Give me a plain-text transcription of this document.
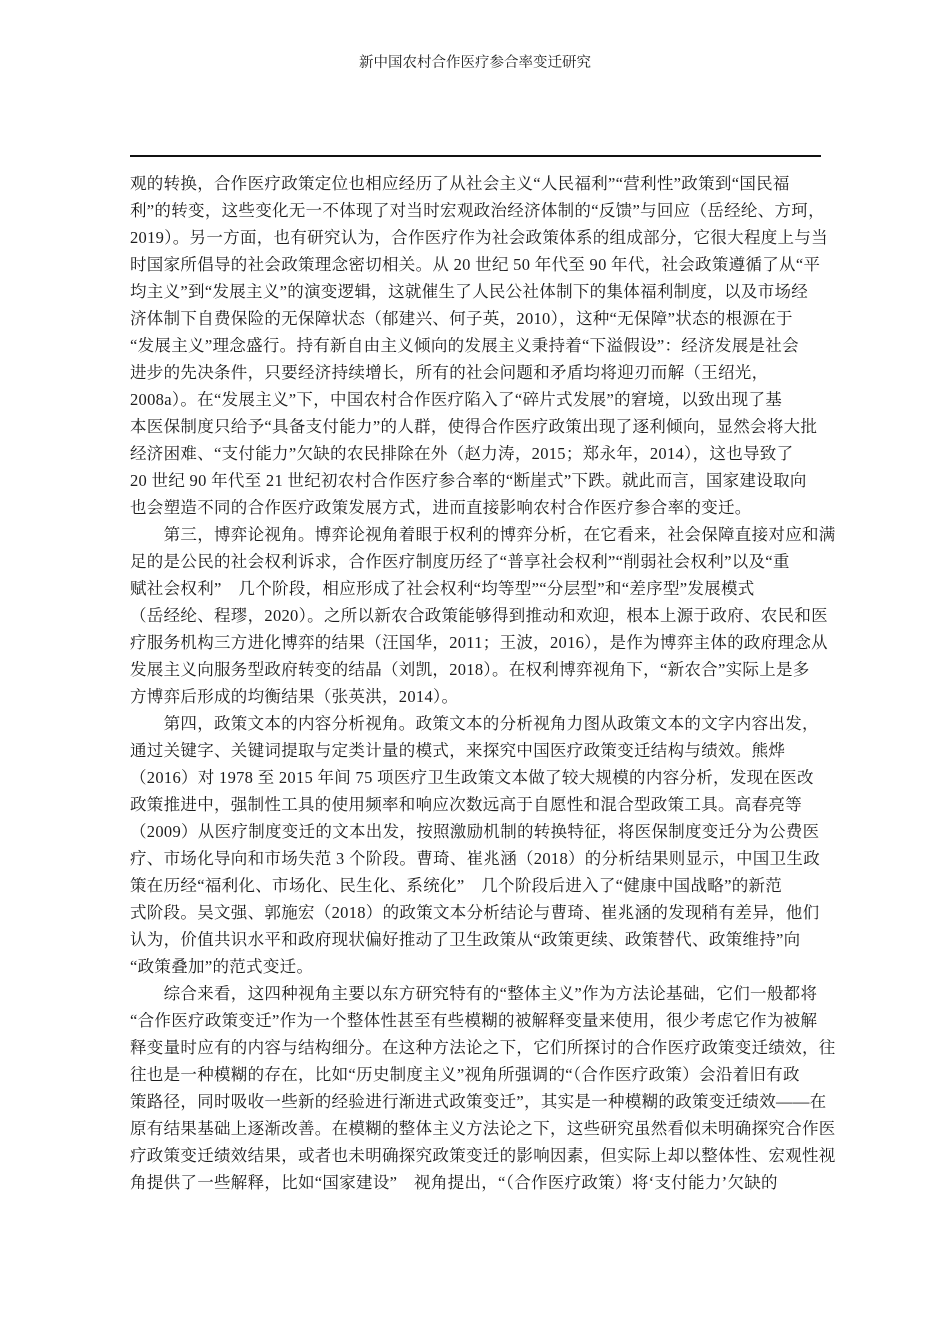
新中国农村合作医疗参合率变迁研究
观的转换，合作医疗政策定位也相应经历了从社会主义“人民福利”“营利性”政策到“国民福
利”的转变，这些变化无一不体现了对当时宏观政治经济体制的“反馈”与回应（岳经纶、方珂，
2019）。另一方面，也有研究认为，合作医疗作为社会政策体系的组成部分，它很大程度上与当
时国家所倡导的社会政策理念密切相关。从 20 世纪 50 年代至 90 年代，社会政策遵循了从“平
均主义”到“发展主义”的演变逻辑，这就催生了人民公社体制下的集体福利制度，以及市场经
济体制下自费保险的无保障状态（郁建兴、何子英，2010），这种“无保障”状态的根源在于
“发展主义”理念盛行。持有新自由主义倾向的发展主义秉持着“下溢假设”：经济发展是社会
进步的先决条件，只要经济持续增长，所有的社会问题和矛盾均将迎刃而解（王绍光，
2008a）。在“发展主义”下，中国农村合作医疗陷入了“碎片式发展”的窘境，以致出现了基
本医保制度只给予“具备支付能力”的人群，使得合作医疗政策出现了逐利倾向，显然会将大批
经济困难、“支付能力”欠缺的农民排除在外（赵力涛，2015；郑永年，2014），这也导致了
20 世纪 90 年代至 21 世纪初农村合作医疗参合率的“断崖式”下跌。就此而言，国家建设取向
也会塑造不同的合作医疗政策发展方式，进而直接影响农村合作医疗参合率的变迁。
第三，博弈论视角。博弈论视角着眼于权利的博弈分析，在它看来，社会保障直接对应和满
足的是公民的社会权利诉求，合作医疗制度历经了“普享社会权利”“削弱社会权利”以及“重
赋社会权利”　几个阶段，相应形成了社会权利“均等型”“分层型”和“差序型”发展模式
（岳经纶、程璆，2020）。之所以新农合政策能够得到推动和欢迎，根本上源于政府、农民和医
疗服务机构三方进化博弈的结果（汪国华，2011；王波，2016），是作为博弈主体的政府理念从
发展主义向服务型政府转变的结晶（刘凯，2018）。在权利博弈视角下，“新农合”实际上是多
方博弈后形成的均衡结果（张英洪，2014）。
第四，政策文本的内容分析视角。政策文本的分析视角力图从政策文本的文字内容出发，
通过关键字、关键词提取与定类计量的模式，来探究中国医疗政策变迁结构与绩效。熊烨
（2016）对 1978 至 2015 年间 75 项医疗卫生政策文本做了较大规模的内容分析，发现在医改
政策推进中，强制性工具的使用频率和响应次数远高于自愿性和混合型政策工具。高春亮等
（2009）从医疗制度变迁的文本出发，按照激励机制的转换特征，将医保制度变迁分为公费医
疗、市场化导向和市场失范 3 个阶段。曹琦、崔兆涵（2018）的分析结果则显示，中国卫生政
策在历经“福利化、市场化、民生化、系统化”　几个阶段后进入了“健康中国战略”的新范
式阶段。吴文强、郭施宏（2018）的政策文本分析结论与曹琦、崔兆涵的发现稍有差异，他们
认为，价值共识水平和政府现状偏好推动了卫生政策从“政策更续、政策替代、政策维持”向
“政策叠加”的范式变迁。
综合来看，这四种视角主要以东方研究特有的“整体主义”作为方法论基础，它们一般都将
“合作医疗政策变迁”作为一个整体性甚至有些模糊的被解释变量来使用，很少考虑它作为被解
释变量时应有的内容与结构细分。在这种方法论之下，它们所探讨的合作医疗政策变迁绩效，往
往也是一种模糊的存在，比如“历史制度主义”视角所强调的“（合作医疗政策）会沿着旧有政
策路径，同时吸收一些新的经验进行渐进式政策变迁”，其实是一种模糊的政策变迁绩效——在
原有结果基础上逐渐改善。在模糊的整体主义方法论之下，这些研究虽然看似未明确探究合作医
疗政策变迁绩效结果，或者也未明确探究政策变迁的影响因素，但实际上却以整体性、宏观性视
角提供了一些解释，比如“国家建设”　视角提出，“（合作医疗政策）将‘支付能力’欠缺的
